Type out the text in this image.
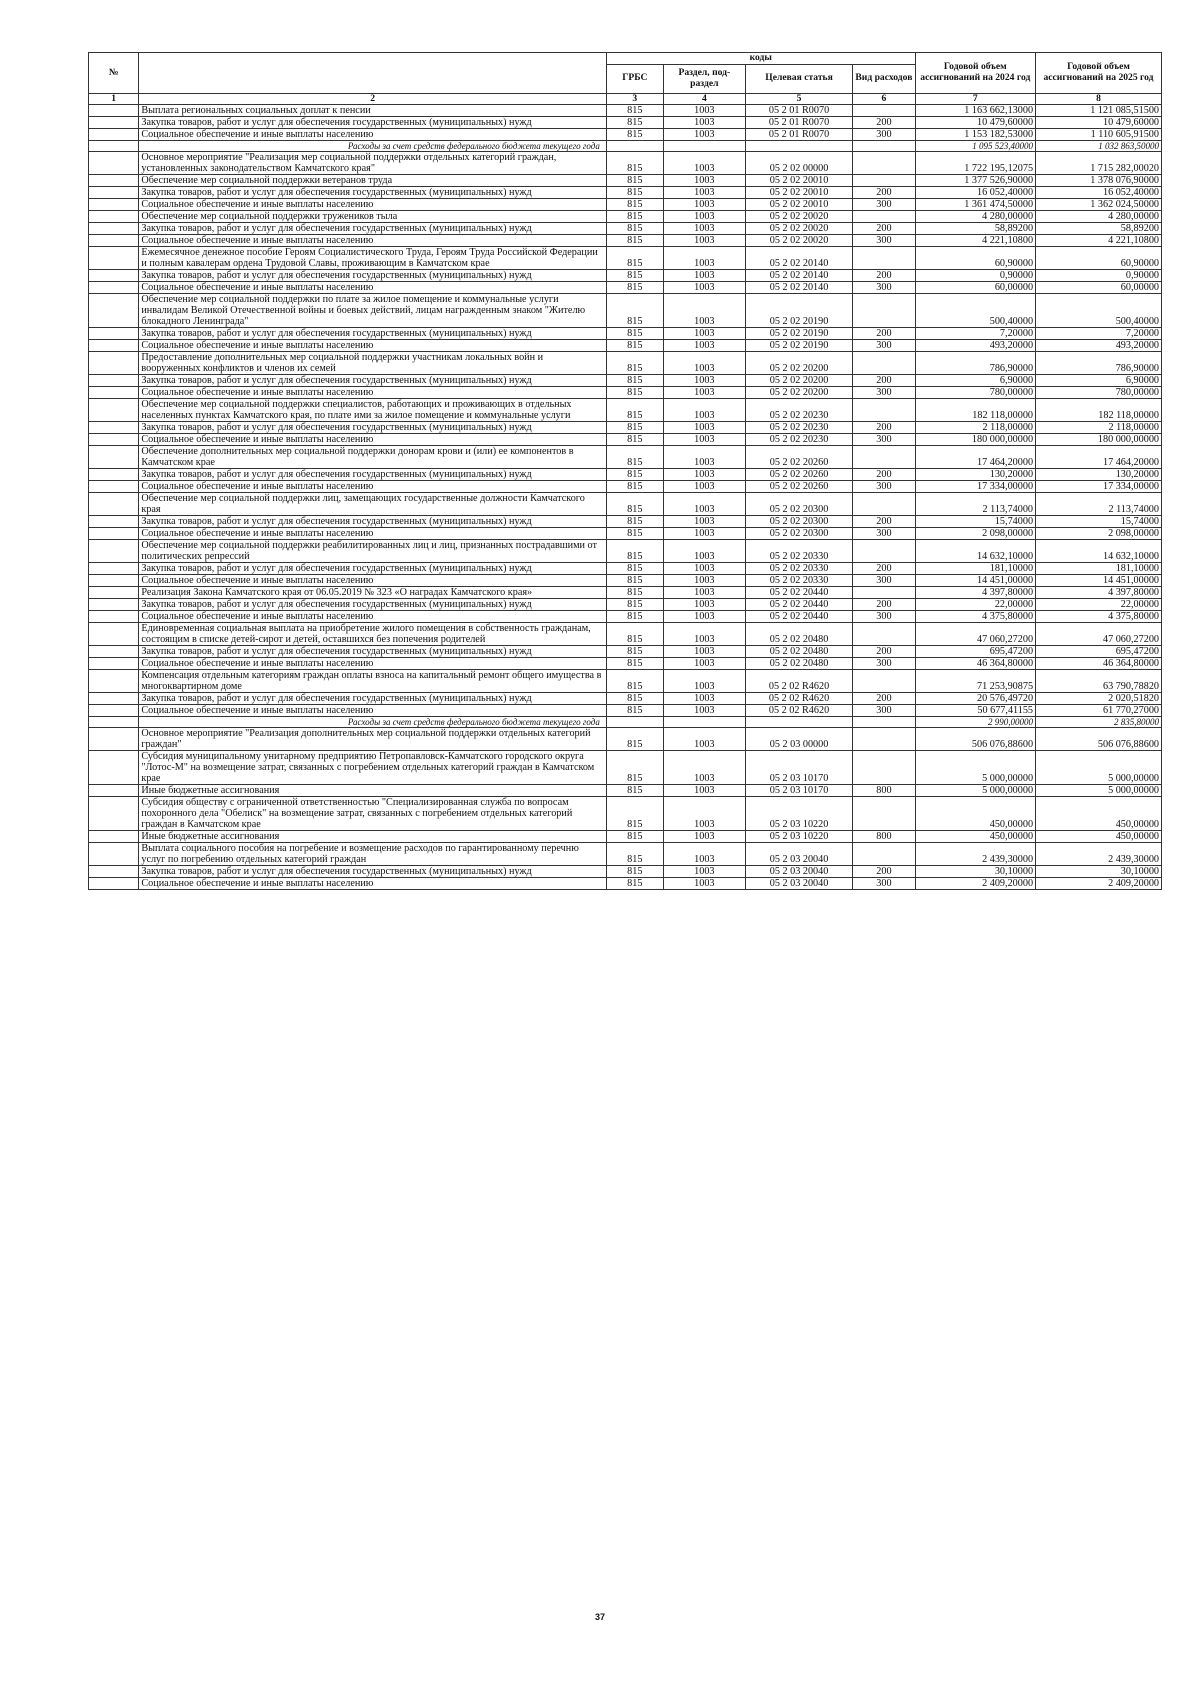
№		коды				Годовой объем ассигнований на 2024 год	Годовой объем ассигнований на 2025 год
		ГРБС	Раздел, под-раздел	Целевая статья	Вид расходов		
1	2	3	4	5	6	7	8
	Выплата региональных социальных доплат к пенсии	815	1003	05 2 01 R0070		1 163 662,13000	1 121 085,51500
	Закупка товаров, работ и услуг для обеспечения государственных (муниципальных) нужд	815	1003	05 2 01 R0070	200	10 479,60000	10 479,60000
	Социальное обеспечение и иные выплаты населению	815	1003	05 2 01 R0070	300	1 153 182,53000	1 110 605,91500
	Расходы за счет средств федерального бюджета текущего года					1 095 523,40000	1 032 863,50000
	Основное мероприятие "Реализация мер социальной поддержки отдельных категорий граждан, установленных законодательством Камчатского края"	815	1003	05 2 02 00000		1 722 195,12075	1 715 282,00020
	Обеспечение мер социальной поддержки ветеранов труда	815	1003	05 2 02 20010		1 377 526,90000	1 378 076,90000
	Закупка товаров, работ и услуг для обеспечения государственных (муниципальных) нужд	815	1003	05 2 02 20010	200	16 052,40000	16 052,40000
	Социальное обеспечение и иные выплаты населению	815	1003	05 2 02 20010	300	1 361 474,50000	1 362 024,50000
	Обеспечение мер социальной поддержки тружеников тыла	815	1003	05 2 02 20020		4 280,00000	4 280,00000
	Закупка товаров, работ и услуг для обеспечения государственных (муниципальных) нужд	815	1003	05 2 02 20020	200	58,89200	58,89200
	Социальное обеспечение и иные выплаты населению	815	1003	05 2 02 20020	300	4 221,10800	4 221,10800
	Ежемесячное денежное пособие Героям Социалистического Труда, Героям Труда Российской Федерации и полным кавалерам ордена Трудовой Славы, проживающим в Камчатском крае	815	1003	05 2 02 20140		60,90000	60,90000
	Закупка товаров, работ и услуг для обеспечения государственных (муниципальных) нужд	815	1003	05 2 02 20140	200	0,90000	0,90000
	Социальное обеспечение и иные выплаты населению	815	1003	05 2 02 20140	300	60,00000	60,00000
	Обеспечение мер социальной поддержки по плате за жилое помещение и коммунальные услуги инвалидам Великой Отечественной войны и боевых действий, лицам награжденным знаком "Жителю блокадного Ленинграда"	815	1003	05 2 02 20190		500,40000	500,40000
	Закупка товаров, работ и услуг для обеспечения государственных (муниципальных) нужд	815	1003	05 2 02 20190	200	7,20000	7,20000
	Социальное обеспечение и иные выплаты населению	815	1003	05 2 02 20190	300	493,20000	493,20000
	Предоставление дополнительных мер социальной поддержки участникам локальных войн и вооруженных конфликтов и членов их семей	815	1003	05 2 02 20200		786,90000	786,90000
	Закупка товаров, работ и услуг для обеспечения государственных (муниципальных) нужд	815	1003	05 2 02 20200	200	6,90000	6,90000
	Социальное обеспечение и иные выплаты населению	815	1003	05 2 02 20200	300	780,00000	780,00000
	Обеспечение мер социальной поддержки специалистов, работающих и проживающих в отдельных населенных пунктах Камчатского края, по плате ими за жилое помещение и коммунальные услуги	815	1003	05 2 02 20230		182 118,00000	182 118,00000
	Закупка товаров, работ и услуг для обеспечения государственных (муниципальных) нужд	815	1003	05 2 02 20230	200	2 118,00000	2 118,00000
	Социальное обеспечение и иные выплаты населению	815	1003	05 2 02 20230	300	180 000,00000	180 000,00000
	Обеспечение дополнительных мер социальной поддержки донорам крови и (или) ее компонентов в Камчатском крае	815	1003	05 2 02 20260		17 464,20000	17 464,20000
	Закупка товаров, работ и услуг для обеспечения государственных (муниципальных) нужд	815	1003	05 2 02 20260	200	130,20000	130,20000
	Социальное обеспечение и иные выплаты населению	815	1003	05 2 02 20260	300	17 334,00000	17 334,00000
	Обеспечение мер социальной поддержки лиц, замещающих государственные должности Камчатского края	815	1003	05 2 02 20300		2 113,74000	2 113,74000
	Закупка товаров, работ и услуг для обеспечения государственных (муниципальных) нужд	815	1003	05 2 02 20300	200	15,74000	15,74000
	Социальное обеспечение и иные выплаты населению	815	1003	05 2 02 20300	300	2 098,00000	2 098,00000
	Обеспечение мер социальной поддержки реабилитированных лиц и лиц, признанных пострадавшими от политических репрессий	815	1003	05 2 02 20330		14 632,10000	14 632,10000
	Закупка товаров, работ и услуг для обеспечения государственных (муниципальных) нужд	815	1003	05 2 02 20330	200	181,10000	181,10000
	Социальное обеспечение и иные выплаты населению	815	1003	05 2 02 20330	300	14 451,00000	14 451,00000
	Реализация Закона Камчатского края от 06.05.2019 № 323 «О наградах Камчатского края»	815	1003	05 2 02 20440		4 397,80000	4 397,80000
	Закупка товаров, работ и услуг для обеспечения государственных (муниципальных) нужд	815	1003	05 2 02 20440	200	22,00000	22,00000
	Социальное обеспечение и иные выплаты населению	815	1003	05 2 02 20440	300	4 375,80000	4 375,80000
	Единовременная социальная выплата на приобретение жилого помещения в собственность гражданам, состоящим в списке детей-сирот и детей, оставшихся без попечения родителей	815	1003	05 2 02 20480		47 060,27200	47 060,27200
	Закупка товаров, работ и услуг для обеспечения государственных (муниципальных) нужд	815	1003	05 2 02 20480	200	695,47200	695,47200
	Социальное обеспечение и иные выплаты населению	815	1003	05 2 02 20480	300	46 364,80000	46 364,80000
	Компенсация отдельным категориям граждан оплаты взноса на капитальный ремонт общего имущества в многоквартирном доме	815	1003	05 2 02 R4620		71 253,90875	63 790,78820
	Закупка товаров, работ и услуг для обеспечения государственных (муниципальных) нужд	815	1003	05 2 02 R4620	200	20 576,49720	2 020,51820
	Социальное обеспечение и иные выплаты населению	815	1003	05 2 02 R4620	300	50 677,41155	61 770,27000
	Расходы за счет средств федерального бюджета текущего года					2 990,00000	2 835,80000
	Основное мероприятие "Реализация дополнительных мер социальной поддержки отдельных категорий граждан"	815	1003	05 2 03 00000		506 076,88600	506 076,88600
	Субсидия муниципальному унитарному предприятию Петропавловск-Камчатского городского округа "Лотос-М" на возмещение затрат, связанных с погребением отдельных категорий граждан в Камчатском крае	815	1003	05 2 03 10170		5 000,00000	5 000,00000
	Иные бюджетные ассигнования	815	1003	05 2 03 10170	800	5 000,00000	5 000,00000
	Субсидия обществу с ограниченной ответственностью "Специализированная служба по вопросам похоронного дела "Обелиск" на возмещение затрат, связанных с погребением отдельных категорий граждан в Камчатском крае	815	1003	05 2 03 10220		450,00000	450,00000
	Иные бюджетные ассигнования	815	1003	05 2 03 10220	800	450,00000	450,00000
	Выплата социального пособия на погребение и возмещение расходов по гарантированному перечню услуг по погребению отдельных категорий граждан	815	1003	05 2 03 20040		2 439,30000	2 439,30000
	Закупка товаров, работ и услуг для обеспечения государственных (муниципальных) нужд	815	1003	05 2 03 20040	200	30,10000	30,10000
	Социальное обеспечение и иные выплаты населению	815	1003	05 2 03 20040	300	2 409,20000	2 409,20000
37
